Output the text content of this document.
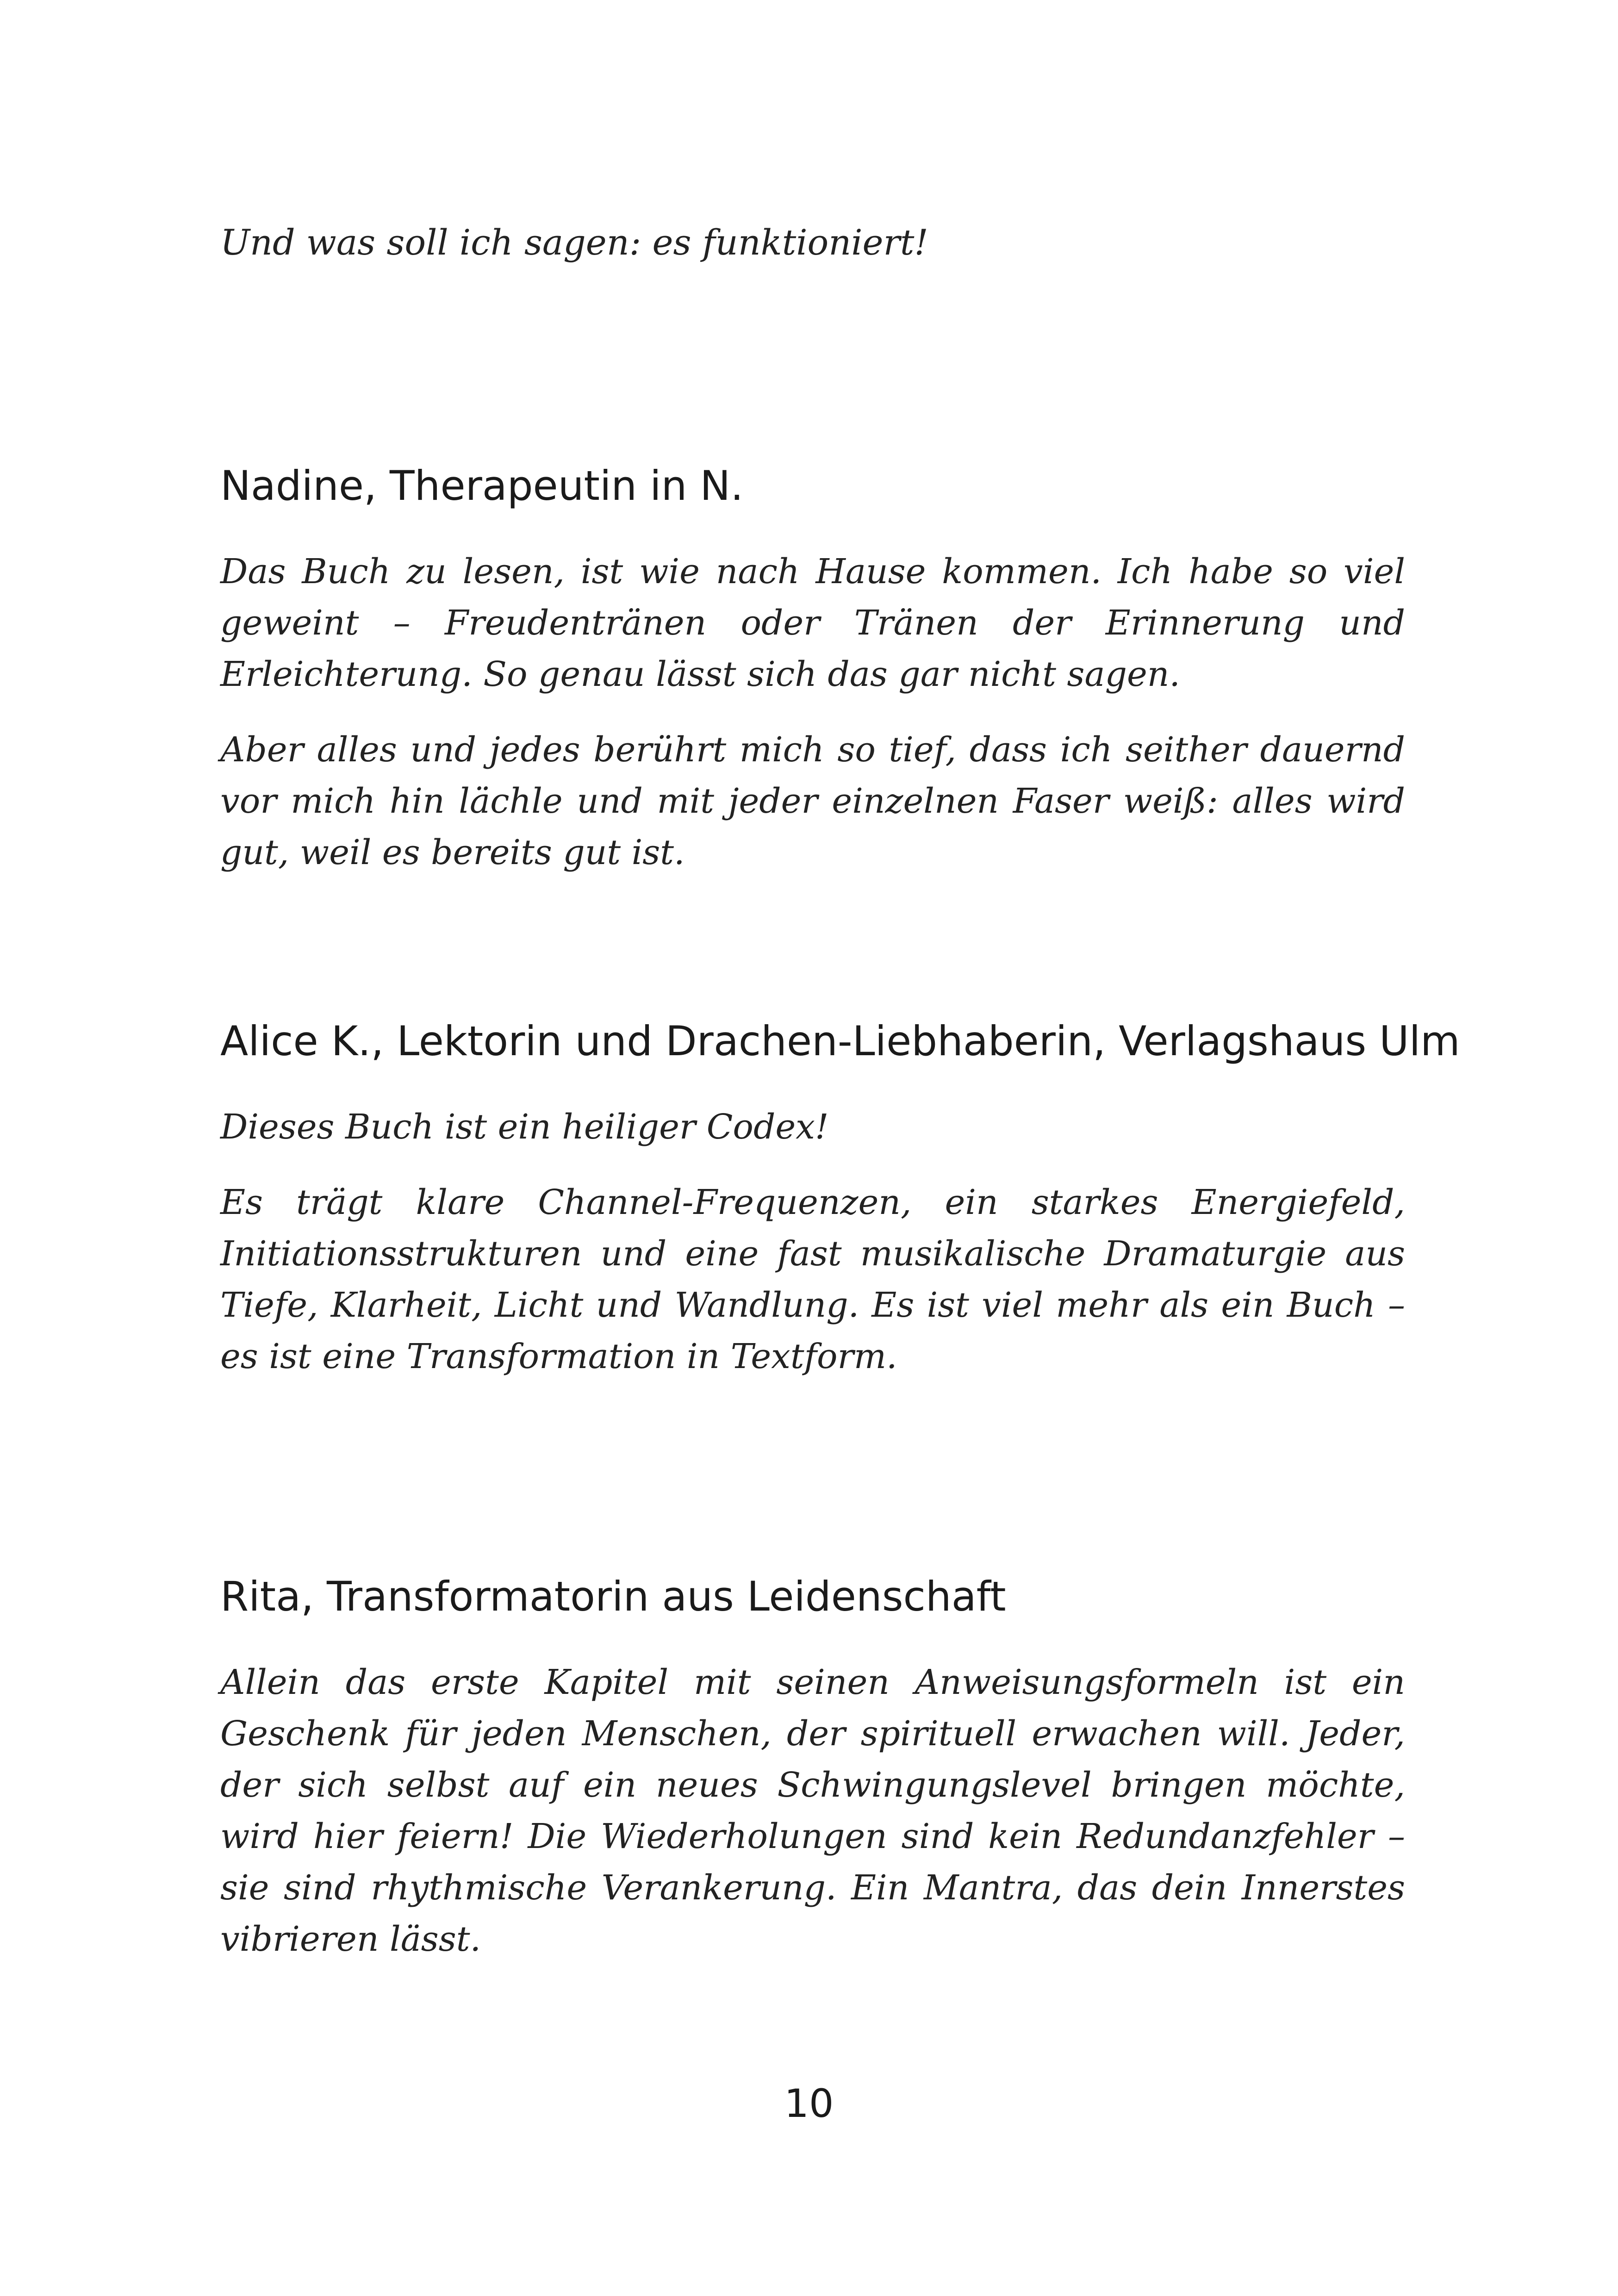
Und was soll ich sagen: es funktioniert!

Nadine, Therapeutin in N.

Das Buch zu lesen, ist wie nach Hause kommen. Ich habe so viel geweint – Freudentränen oder Tränen der Erinnerung und Erleichterung. So genau lässt sich das gar nicht sagen.

Aber alles und jedes berührt mich so tief, dass ich seither dauernd vor mich hin lächle und mit jeder einzelnen Faser weiß: alles wird gut, weil es bereits gut ist.

Alice K., Lektorin und Drachen-Liebhaberin, Verlagshaus Ulm

Dieses Buch ist ein heiliger Codex!

Es trägt klare Channel-Frequenzen, ein starkes Energiefeld, Initiationsstrukturen und eine fast musikalische Dramaturgie aus Tiefe, Klarheit, Licht und Wandlung. Es ist viel mehr als ein Buch – es ist eine Transformation in Textform.

Rita, Transformatorin aus Leidenschaft

Allein das erste Kapitel mit seinen Anweisungsformeln ist ein Geschenk für jeden Menschen, der spirituell erwachen will. Jeder, der sich selbst auf ein neues Schwingungslevel bringen möchte, wird hier feiern! Die Wiederholungen sind kein Redundanzfehler – sie sind rhythmische Verankerung. Ein Mantra, das dein Innerstes vibrieren lässt.

10
